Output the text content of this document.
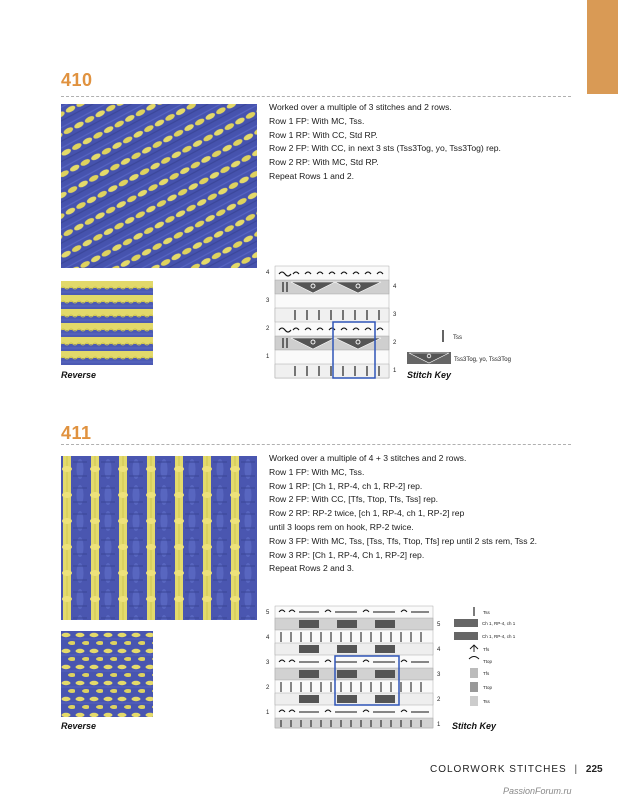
410
Reverse
Worked over a multiple of 3 stitches and 2 rows.
Row 1 FP: With MC, Tss.
Row 1 RP: With CC, Std RP.
Row 2 FP: With CC, in next 3 sts (Tss3Tog, yo, Tss3Tog) rep.
Row 2 RP: With MC, Std RP.
Repeat Rows 1 and 2.
4
3
2
1
4
3
2
1
Tss
Tss3Tog, yo, Tss3Tog
Stitch Key
411
Reverse
Worked over a multiple of 4 + 3 stitches and 2 rows.
Row 1 FP: With MC, Tss.
Row 1 RP: [Ch 1, RP-4, ch 1, RP-2] rep.
Row 2 FP: With CC, [Tfs, Ttop, Tfs, Tss] rep.
Row 2 RP: RP-2 twice, [ch 1, RP-4, ch 1, RP-2] rep
until 3 loops rem on hook, RP-2 twice.
Row 3 FP: With MC, Tss, [Tss, Tfs, Ttop, Tfs] rep until 2 sts rem, Tss 2.
Row 3 RP: [Ch 1, RP-4, Ch 1, RP-2] rep.
Repeat Rows 2 and 3.
5
4
3
2
1
5
4
3
2
1
Tss
Ch 1, RP-4, ch 1
Ch 1, RP-4, ch 1
Tfs
Ttop
Tfs
Ttop
Tss
Stitch Key
COLORWORK STITCHES | 225
PassionForum.ru
